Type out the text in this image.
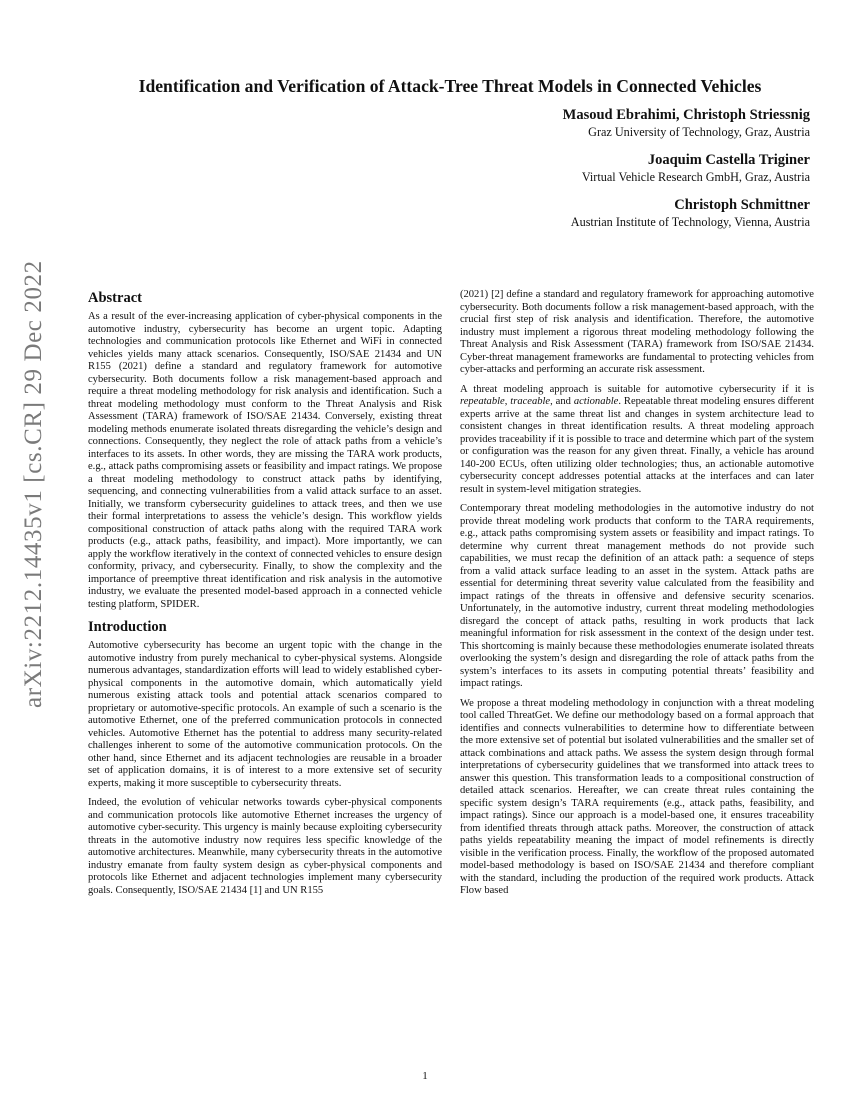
arXiv:2212.14435v1 [cs.CR] 29 Dec 2022
Identification and Verification of Attack-Tree Threat Models in Connected Vehicles
Masoud Ebrahimi, Christoph Striessnig
Graz University of Technology, Graz, Austria
Joaquim Castella Triginer
Virtual Vehicle Research GmbH, Graz, Austria
Christoph Schmittner
Austrian Institute of Technology, Vienna, Austria
Abstract

As a result of the ever-increasing application of cyber-physical components in the automotive industry, cybersecurity has become an urgent topic. Adapting technologies and communication protocols like Ethernet and WiFi in connected vehicles yields many attack scenarios. Consequently, ISO/SAE 21434 and UN R155 (2021) define a standard and regulatory framework for automotive cybersecurity. Both documents follow a risk management-based approach and require a threat modeling methodology for risk analysis and identification. Such a threat modeling methodology must conform to the Threat Analysis and Risk Assessment (TARA) framework of ISO/SAE 21434. Conversely, existing threat modeling methods enumerate isolated threats disregarding the vehicle’s design and connections. Consequently, they neglect the role of attack paths from a vehicle’s interfaces to its assets. In other words, they are missing the TARA work products, e.g., attack paths compromising assets or feasibility and impact ratings. We propose a threat modeling methodology to construct attack paths by identifying, sequencing, and connecting vulnerabilities from a valid attack surface to an asset. Initially, we transform cybersecurity guidelines to attack trees, and then we use their formal interpretations to assess the vehicle’s design. This workflow yields compositional construction of attack paths along with the required TARA work products (e.g., attack paths, feasibility, and impact). More importantly, we can apply the workflow iteratively in the context of connected vehicles to ensure design conformity, privacy, and cybersecurity. Finally, to show the complexity and the importance of preemptive threat identification and risk analysis in the automotive industry, we evaluate the presented model-based approach in a connected vehicle testing platform, SPIDER.

Introduction

Automotive cybersecurity has become an urgent topic with the change in the automotive industry from purely mechanical to cyber-physical systems. Alongside numerous advantages, standardization efforts will lead to widely established cyber-physical components in the automotive domain, which automatically yield numerous existing attack tools and potential attack scenarios compared to proprietary or automotive-specific protocols. An example of such a scenario is the automotive Ethernet, one of the preferred communication protocols in connected vehicles. Automotive Ethernet has the potential to address many security-related challenges inherent to some of the automotive communication protocols. On the other hand, since Ethernet and its adjacent technologies are reusable in a broader set of application domains, it is of interest to a more extensive set of security experts, making it more susceptible to cybersecurity threats.

Indeed, the evolution of vehicular networks towards cyber-physical components and communication protocols like automotive Ethernet increases the urgency of automotive cyber-security. This urgency is mainly because exploiting cybersecurity threats in the automotive industry now requires less specific knowledge of the automotive architectures. Meanwhile, many cybersecurity threats in the automotive industry emanate from faulty system design as cyber-physical components and protocols like Ethernet and adjacent technologies implement many cybersecurity goals. Consequently, ISO/SAE 21434 [1] and UN R155

(2021) [2] define a standard and regulatory framework for approaching automotive cybersecurity. Both documents follow a risk management-based approach, with the crucial first step of risk analysis and identification. Therefore, the automotive industry must implement a rigorous threat modeling methodology following the Threat Analysis and Risk Assessment (TARA) framework from ISO/SAE 21434. Cyber-threat management frameworks are fundamental to protecting vehicles from cyber-attacks and performing an accurate risk assessment.

A threat modeling approach is suitable for automotive cybersecurity if it is repeatable, traceable, and actionable. Repeatable threat modeling ensures different experts arrive at the same threat list and changes in system architecture lead to consistent changes in threat identification results. A threat modeling approach provides traceability if it is possible to trace and determine which part of the system or configuration was the reason for any given threat. Finally, a vehicle has around 140-200 ECUs, often utilizing older technologies; thus, an actionable automotive cybersecurity concept addresses potential attacks at the interfaces and can later result in system-level mitigation strategies.

Contemporary threat modeling methodologies in the automotive industry do not provide threat modeling work products that conform to the TARA requirements, e.g., attack paths compromising system assets or feasibility and impact ratings. To determine why current threat management methods do not provide such capabilities, we must recap the definition of an attack path: a sequence of steps from a valid attack surface leading to an asset in the system. Attack paths are essential for determining threat severity value calculated from the feasibility and impact ratings of the threats in offensive and defensive security scenarios. Unfortunately, in the automotive industry, current threat modeling methodologies disregard the concept of attack paths, resulting in work products that lack meaningful information for risk assessment in the context of the design under test. This shortcoming is mainly because these methodologies enumerate isolated threats overlooking the system’s design and disregarding the role of attack paths from the system’s interfaces to its assets in computing potential threats’ feasibility and impact ratings.

We propose a threat modeling methodology in conjunction with a threat modeling tool called ThreatGet. We define our methodology based on a formal approach that identifies and connects vulnerabilities to determine how to differentiate between the more extensive set of potential but isolated vulnerabilities and the smaller set of attack combinations and attack paths. We assess the system design through formal interpretations of cybersecurity guidelines that we transformed into attack trees to answer this question. This transformation leads to a compositional construction of detailed attack scenarios. Hereafter, we can create threat rules containing the specific system design’s TARA requirements (e.g., attack paths, feasibility, and impact ratings). Since our approach is a model-based one, it ensures traceability from identified threats through attack paths. Moreover, the construction of attack paths yields repeatability meaning the impact of model refinements is directly visible in the verification process. Finally, the workflow of the proposed automated model-based methodology is based on ISO/SAE 21434 and therefore compliant with the standard, including the production of the required work products. Attack Flow based

1
